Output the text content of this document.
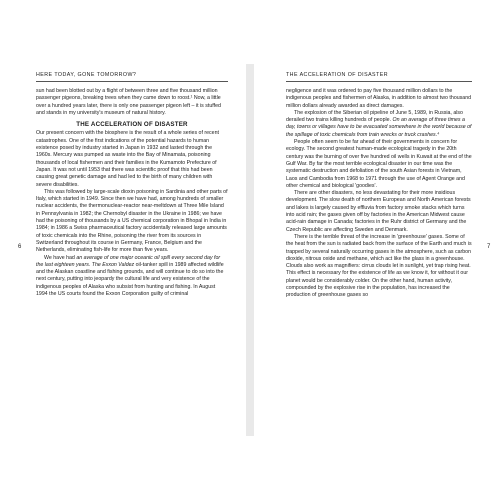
HERE TODAY, GONE TOMORROW?
6

sun had been blotted out by a flight of between three and five thousand million passenger pigeons, breaking trees when they came down to roost.¹ Now, a little over a hundred years later, there is only one passenger pigeon left – it is stuffed and stands in my university's museum of natural history.

THE ACCELERATION OF DISASTER

Our present concern with the biosphere is the result of a whole series of recent catastrophes. One of the first indications of the potential hazards to human existence posed by industry started in Japan in 1932 and lasted through the 1960s. Mercury was pumped as waste into the Bay of Minamata, poisoning thousands of local fishermen and their families in the Kumamoto Prefecture of Japan. It was not until 1953 that there was scientific proof that this had been causing great genetic damage and had led to the birth of many children with severe disabilities.

This was followed by large-scale dioxin poisoning in Sardinia and other parts of Italy, which started in 1949. Since then we have had, among hundreds of smaller nuclear accidents, the thermonuclear-reactor near-meltdown at Three Mile Island in Pennsylvania in 1982; the Chernobyl disaster in the Ukraine in 1986; we have had the poisoning of thousands by a US chemical corporation in Bhopal in India in 1984; in 1986 a Swiss pharmaceutical factory accidentally released large amounts of toxic chemicals into the Rhine, poisoning the river from its sources in Switzerland throughout its course in Germany, France, Belgium and the Netherlands, eliminating fish-life for more than five years.

We have had an average of one major oceanic oil spill every second day for the last eighteen years. The Exxon Valdez oil-tanker spill in 1989 affected wildlife and the Alaskan coastline and fishing grounds, and will continue to do so into the next century, putting into jeopardy the cultural life and very existence of the indigenous peoples of Alaska who subsist from hunting and fishing. In August 1994 the US courts found the Exxon Corporation guilty of criminal

THE ACCELERATION OF DISASTER
7

negligence and it was ordered to pay five thousand million dollars to the indigenous peoples and fishermen of Alaska, in addition to almost two thousand million dollars already awarded as direct damages.

The explosion of the Siberian oil pipeline of June 5, 1989, in Russia, also derailed two trains killing hundreds of people. On an average of three times a day, towns or villages have to be evacuated somewhere in the world because of the spillage of toxic chemicals from train wrecks or truck crashes.⁴

People often seem to be far ahead of their governments in concern for ecology. The second greatest human-made ecological tragedy in the 20th century was the burning of over five hundred oil wells in Kuwait at the end of the Gulf War. By far the most terrible ecological disaster in our time was the systematic destruction and defoliation of the south Asian forests in Vietnam, Laos and Cambodia from 1968 to 1971 through the use of Agent Orange and other chemical and biological 'goodies'.

There are other disasters, no less devastating for their more insidious development. The slow death of northern European and North American forests and lakes is largely caused by effluvia from factory smoke stacks which turns into acid rain; the gases given off by factories in the American Midwest cause acid-rain damage in Canada; factories in the Ruhr district of Germany and the Czech Republic are affecting Sweden and Denmark.

There is the terrible threat of the increase in 'greenhouse' gases. Some of the heat from the sun is radiated back from the surface of the Earth and much is trapped by several naturally occurring gases in the atmosphere, such as carbon dioxide, nitrous oxide and methane, which act like the glass in a greenhouse. Clouds also work as magnifiers: cirrus clouds let in sunlight, yet trap rising heat. This effect is necessary for the existence of life as we know it, for without it our planet would be considerably colder. On the other hand, human activity, compounded by the explosive rise in the population, has increased the production of greenhouse gases so
